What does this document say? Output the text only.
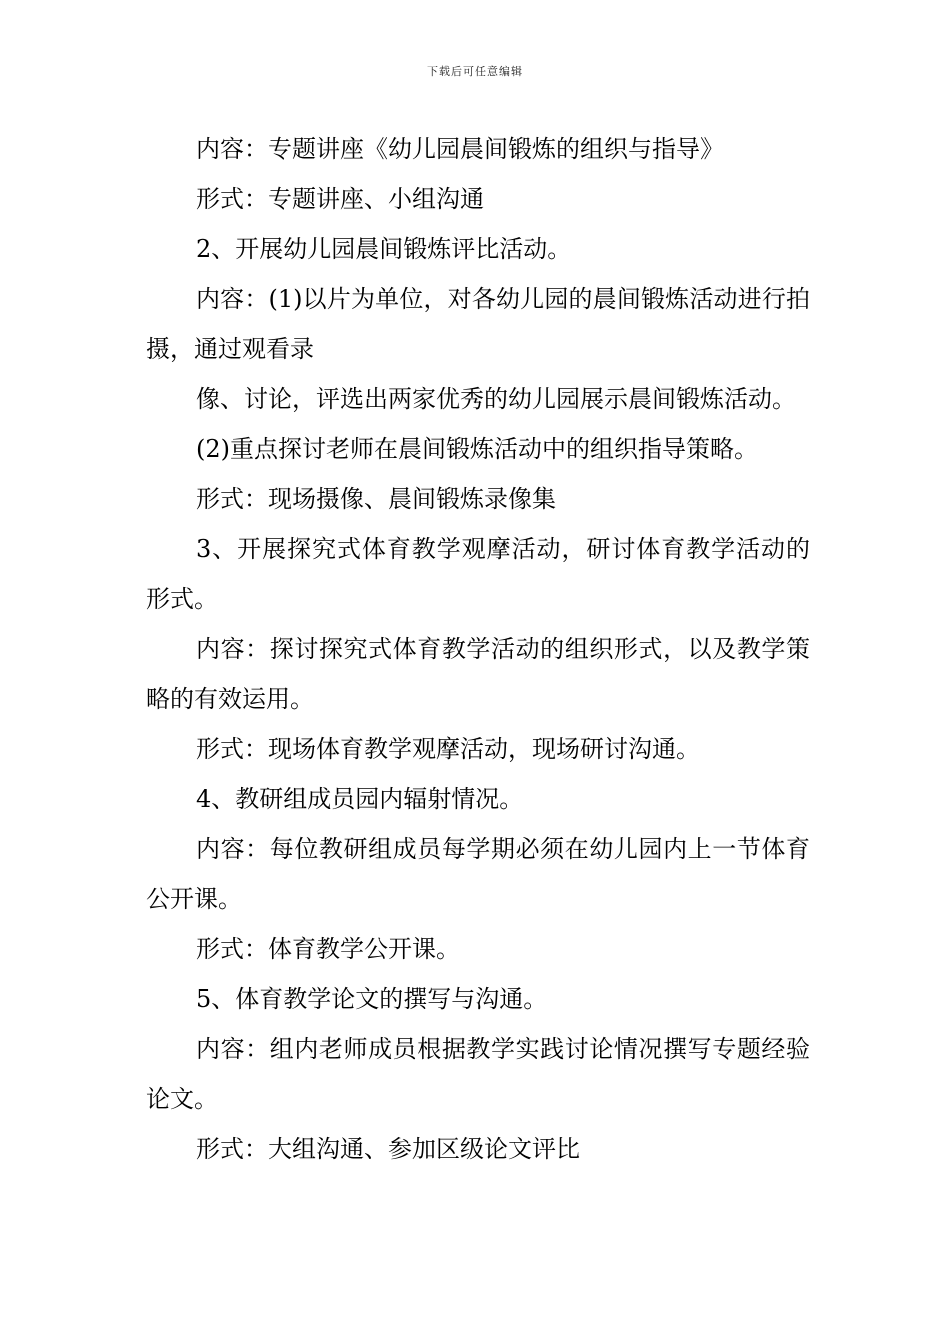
下载后可任意编辑

内容：专题讲座《幼儿园晨间锻炼的组织与指导》

形式：专题讲座、小组沟通

2、开展幼儿园晨间锻炼评比活动。

内容：(1)以片为单位，对各幼儿园的晨间锻炼活动进行拍摄，通过观看录

像、讨论，评选出两家优秀的幼儿园展示晨间锻炼活动。

(2)重点探讨老师在晨间锻炼活动中的组织指导策略。

形式：现场摄像、晨间锻炼录像集

3、开展探究式体育教学观摩活动，研讨体育教学活动的形式。

内容：探讨探究式体育教学活动的组织形式，以及教学策略的有效运用。

形式：现场体育教学观摩活动，现场研讨沟通。

4、教研组成员园内辐射情况。

内容：每位教研组成员每学期必须在幼儿园内上一节体育公开课。

形式：体育教学公开课。

5、体育教学论文的撰写与沟通。

内容：组内老师成员根据教学实践讨论情况撰写专题经验论文。

形式：大组沟通、参加区级论文评比
